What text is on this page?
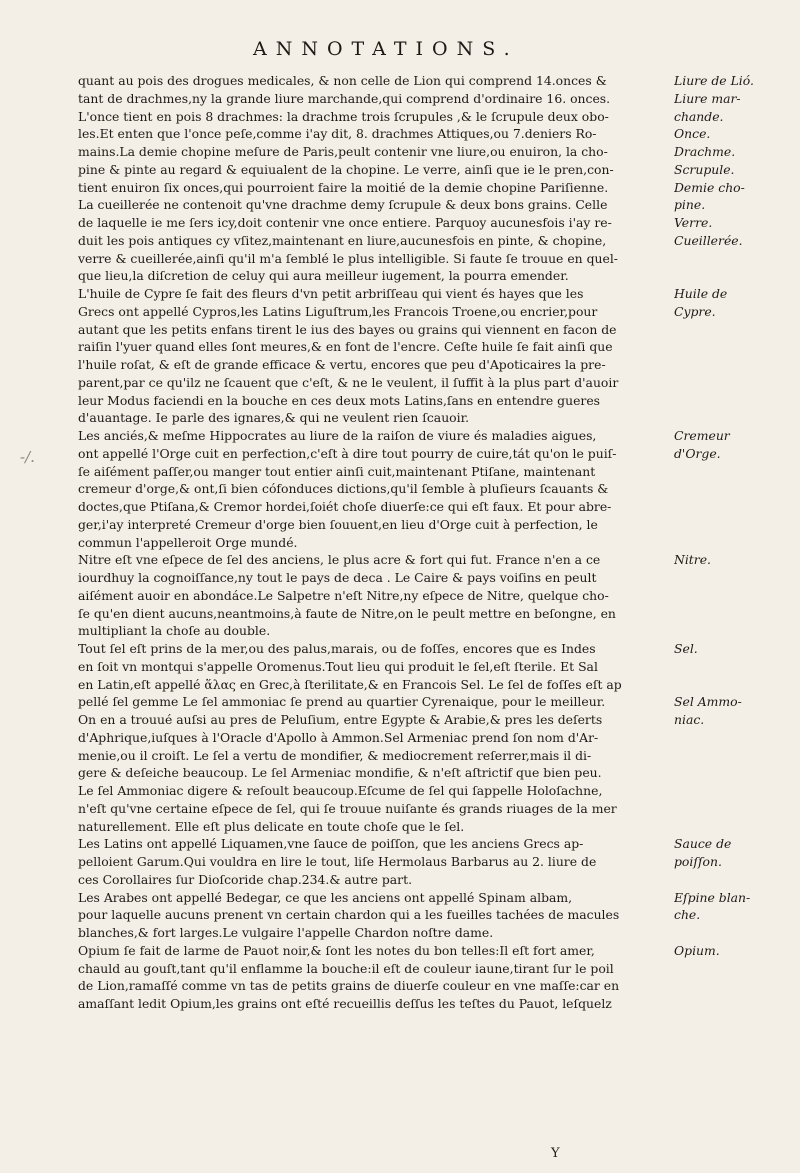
ANNOTATIONS.
-/.
quant au pois des drogues medicales, & non celle de Lion qui comprend 14.onces &
tant de drachmes,ny la grande liure marchande,qui comprend d'ordinaire 16. onces.
L'once tient en pois 8 drachmes: la drachme trois ſcrupules ,& le ſcrupule deux obo-
les.Et enten que l'once peſe,comme i'ay dit, 8. drachmes Attiques,ou 7.deniers Ro-
mains.La demie chopine meſure de Paris,peult contenir vne liure,ou enuiron, la cho-
pine & pinte au regard & equiualent de la chopine. Le verre, ainſi que ie le pren,con-
tient enuiron ſix onces,qui pourroient faire la moitié de la demie chopine Pariſienne.
La cueillerée ne contenoit qu'vne drachme demy ſcrupule & deux bons grains. Celle
de laquelle ie me ſers icy,doit contenir vne once entiere. Parquoy aucunesfois i'ay re-
duit les pois antiques cy vſitez,maintenant en liure,aucunesfois en pinte, & chopine,
verre & cueillerée,ainſi qu'il m'a ſemblé le plus intelligible. Si faute ſe trouue en quel-
que lieu,la diſcretion de celuy qui aura meilleur iugement, la pourra emender.
L'huile de Cypre ſe fait des fleurs d'vn petit arbriſſeau qui vient és hayes que les
Grecs ont appellé Cypros,les Latins Liguſtrum,les Francois Troene,ou encrier,pour
autant que les petits enfans tirent le ius des bayes ou grains qui viennent en facon de
raiſin l'yuer quand elles ſont meures,& en font de l'encre. Ceſte huile ſe fait ainſi que
l'huile roſat, & eſt de grande efficace & vertu, encores que peu d'Apoticaires la pre-
parent,par ce qu'ilz ne ſcauent que c'eſt, & ne le veulent, il ſuffit à la plus part d'auoir
leur Modus faciendi en la bouche en ces deux mots Latins,ſans en entendre gueres
d'auantage. Ie parle des ignares,& qui ne veulent rien ſcauoir.
Les anciés,& meſme Hippocrates au liure de la raiſon de viure és maladies aigues,
ont appellé l'Orge cuit en perfection,c'eſt à dire tout pourry de cuire,tát qu'on le puiſ-
ſe aiſément paſſer,ou manger tout entier ainſi cuit,maintenant Ptiſane, maintenant
cremeur d'orge,& ont,ſi bien cófonduces dictions,qu'il ſemble à pluſieurs ſcauants &
doctes,que Ptiſana,& Cremor hordei,ſoiét choſe diuerſe:ce qui eſt faux. Et pour abre-
ger,i'ay interpreté Cremeur d'orge bien ſouuent,en lieu d'Orge cuit à perfection, le
commun l'appelleroit Orge mundé.
Nitre eſt vne eſpece de ſel des anciens, le plus acre & fort qui fut. France n'en a ce
iourdhuy la cognoiſſance,ny tout le pays de deca . Le Caire & pays voiſins en peult
aiſément auoir en abondáce.Le Salpetre n'eſt Nitre,ny eſpece de Nitre, quelque cho-
ſe qu'en dient aucuns,neantmoins,à faute de Nitre,on le peult mettre en beſongne, en
multipliant la choſe au double.
Tout ſel eſt prins de la mer,ou des palus,marais, ou de foſſes, encores que es Indes
en ſoit vn montqui s'appelle Oromenus.Tout lieu qui produit le ſel,eſt ſterile. Et Sal
en Latin,eſt appellé ἅλας en Grec,à ſterilitate,& en Francois Sel. Le ſel de foſſes eſt ap
pellé ſel gemme Le ſel ammoniac ſe prend au quartier Cyrenaique, pour le meilleur.
On en a trouué auſsi au pres de Peluſium, entre Egypte & Arabie,& pres les deſerts
d'Aphrique,iuſques à l'Oracle d'Apollo à Ammon.Sel Armeniac prend ſon nom d'Ar-
menie,ou il croiſt. Le ſel a vertu de mondifier, & mediocrement reſerrer,mais il di-
gere & deſeiche beaucoup. Le ſel Armeniac mondifie, & n'eſt aſtrictif que bien peu.
Le ſel Ammoniac digere & reſoult beaucoup.Eſcume de ſel qui ſappelle Holoſachne,
n'eſt qu'vne certaine eſpece de ſel, qui ſe trouue nuiſante és grands riuages de la mer
naturellement. Elle eſt plus delicate en toute choſe que le ſel.
Les Latins ont appellé Liquamen,vne ſauce de poiſſon, que les anciens Grecs ap-
pelloient Garum.Qui vouldra en lire le tout, liſe Hermolaus Barbarus au 2. liure de
ces Corollaires ſur Dioſcoride chap.234.& autre part.
Les Arabes ont appellé Bedegar, ce que les anciens ont appellé Spinam albam,
pour laquelle aucuns prenent vn certain chardon qui a les fueilles tachées de macules
blanches,& fort larges.Le vulgaire l'appelle Chardon noſtre dame.
Opium ſe fait de larme de Pauot noir,& ſont les notes du bon telles:Il eſt fort amer,
chauld au gouſt,tant qu'il enflamme la bouche:il eſt de couleur iaune,tirant ſur le poil
de Lion,ramaſſé comme vn tas de petits grains de diuerſe couleur en vne maſſe:car en
amaſſant ledit Opium,les grains ont eſté recueillis deſſus les teſtes du Pauot, leſquelz
Liure de Lió.
Liure mar-
chande.
Once.
Drachme.
Scrupule.
Demie cho-
pine.
Verre.
Cueillerée.
Huile de
Cypre.
Cremeur
d'Orge.
Nitre.
Sel.
Sel Ammo-
niac.
Sauce de
poiſſon.
Eſpine blan-
che.
Opium.
Y
